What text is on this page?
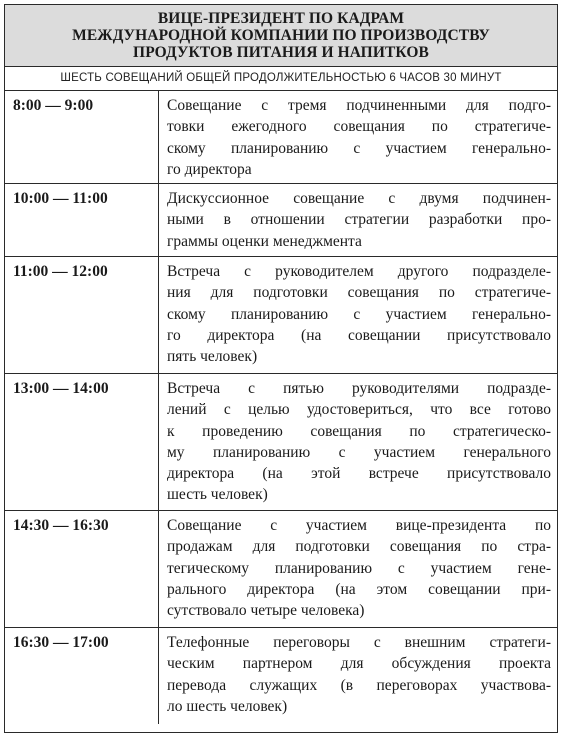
ВИЦЕ-ПРЕЗИДЕНТ ПО КАДРАМ
МЕЖДУНАРОДНОЙ КОМПАНИИ ПО ПРОИЗВОДСТВУ
ПРОДУКТОВ ПИТАНИЯ И НАПИТКОВ
ШЕСТЬ СОВЕЩАНИЙ ОБЩЕЙ ПРОДОЛЖИТЕЛЬНОСТЬЮ 6 ЧАСОВ 30 МИНУТ
8:00 — 9:00	Совещание с тремя подчиненными для подго-
товки ежегодного совещания по стратегиче-
скому планированию с участием генерально-
го директора
10:00 — 11:00	Дискуссионное совещание с двумя подчинен-
ными в отношении стратегии разработки про-
граммы оценки менеджмента
11:00 — 12:00	Встреча с руководителем другого подразделе-
ния для подготовки совещания по стратегиче-
скому планированию с участием генерально-
го директора (на совещании присутствовало
пять человек)
13:00 — 14:00	Встреча с пятью руководителями подразде-
лений с целью удостовериться, что все готово
к проведению совещания по стратегическо-
му планированию с участием генерального
директора (на этой встрече присутствовало
шесть человек)
14:30 — 16:30	Совещание с участием вице-президента по
продажам для подготовки совещания по стра-
тегическому планированию с участием гене-
рального директора (на этом совещании при-
сутствовало четыре человека)
16:30 — 17:00	Телефонные переговоры с внешним стратеги-
ческим партнером для обсуждения проекта
перевода служащих (в переговорах участвова-
ло шесть человек)
